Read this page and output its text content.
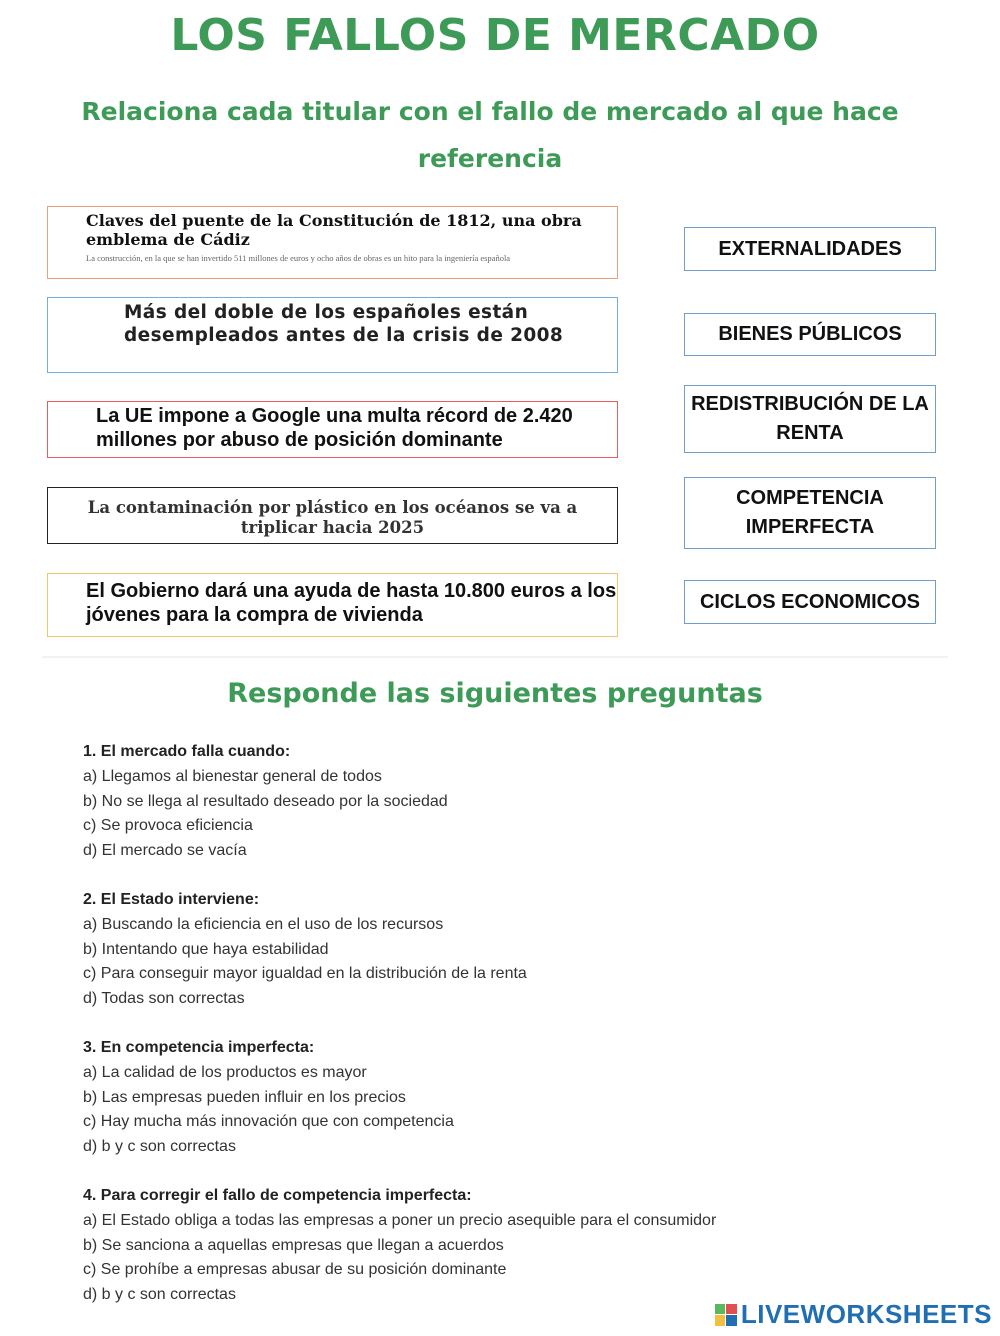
LOS FALLOS DE MERCADO
Relaciona cada titular con el fallo de mercado al que hace referencia
Claves del puente de la Constitución de 1812, una obra emblema de Cádiz
La construcción, en la que se han invertido 511 millones de euros y ocho años de obras es un hito para la ingeniería española
Más del doble de los españoles están desempleados antes de la crisis de 2008
La UE impone a Google una multa récord de 2.420 millones por abuso de posición dominante
La contaminación por plástico en los océanos se va a triplicar hacia 2025
El Gobierno dará una ayuda de hasta 10.800 euros a los jóvenes para la compra de vivienda
EXTERNALIDADES
BIENES PÚBLICOS
REDISTRIBUCIÓN DE LA RENTA
COMPETENCIA IMPERFECTA
CICLOS ECONOMICOS
Responde las siguientes preguntas
1. El mercado falla cuando:
a) Llegamos al bienestar general de todos
b) No se llega al resultado deseado por la sociedad
c) Se provoca eficiencia
d) El mercado se vacía
2. El Estado interviene:
a) Buscando la eficiencia en el uso de los recursos
b) Intentando que haya estabilidad
c) Para conseguir mayor igualdad en la distribución de la renta
d) Todas son correctas
3. En competencia imperfecta:
a) La calidad de los productos es mayor
b) Las empresas pueden influir en los precios
c) Hay mucha más innovación que con competencia
d) b y c son correctas
4. Para corregir el fallo de competencia imperfecta:
a) El Estado obliga a todas las empresas a poner un precio asequible para el consumidor
b) Se sanciona a aquellas empresas que llegan a acuerdos
c) Se prohíbe a empresas abusar de su posición dominante
d) b y c son correctas
LIVEWORKSHEETS
